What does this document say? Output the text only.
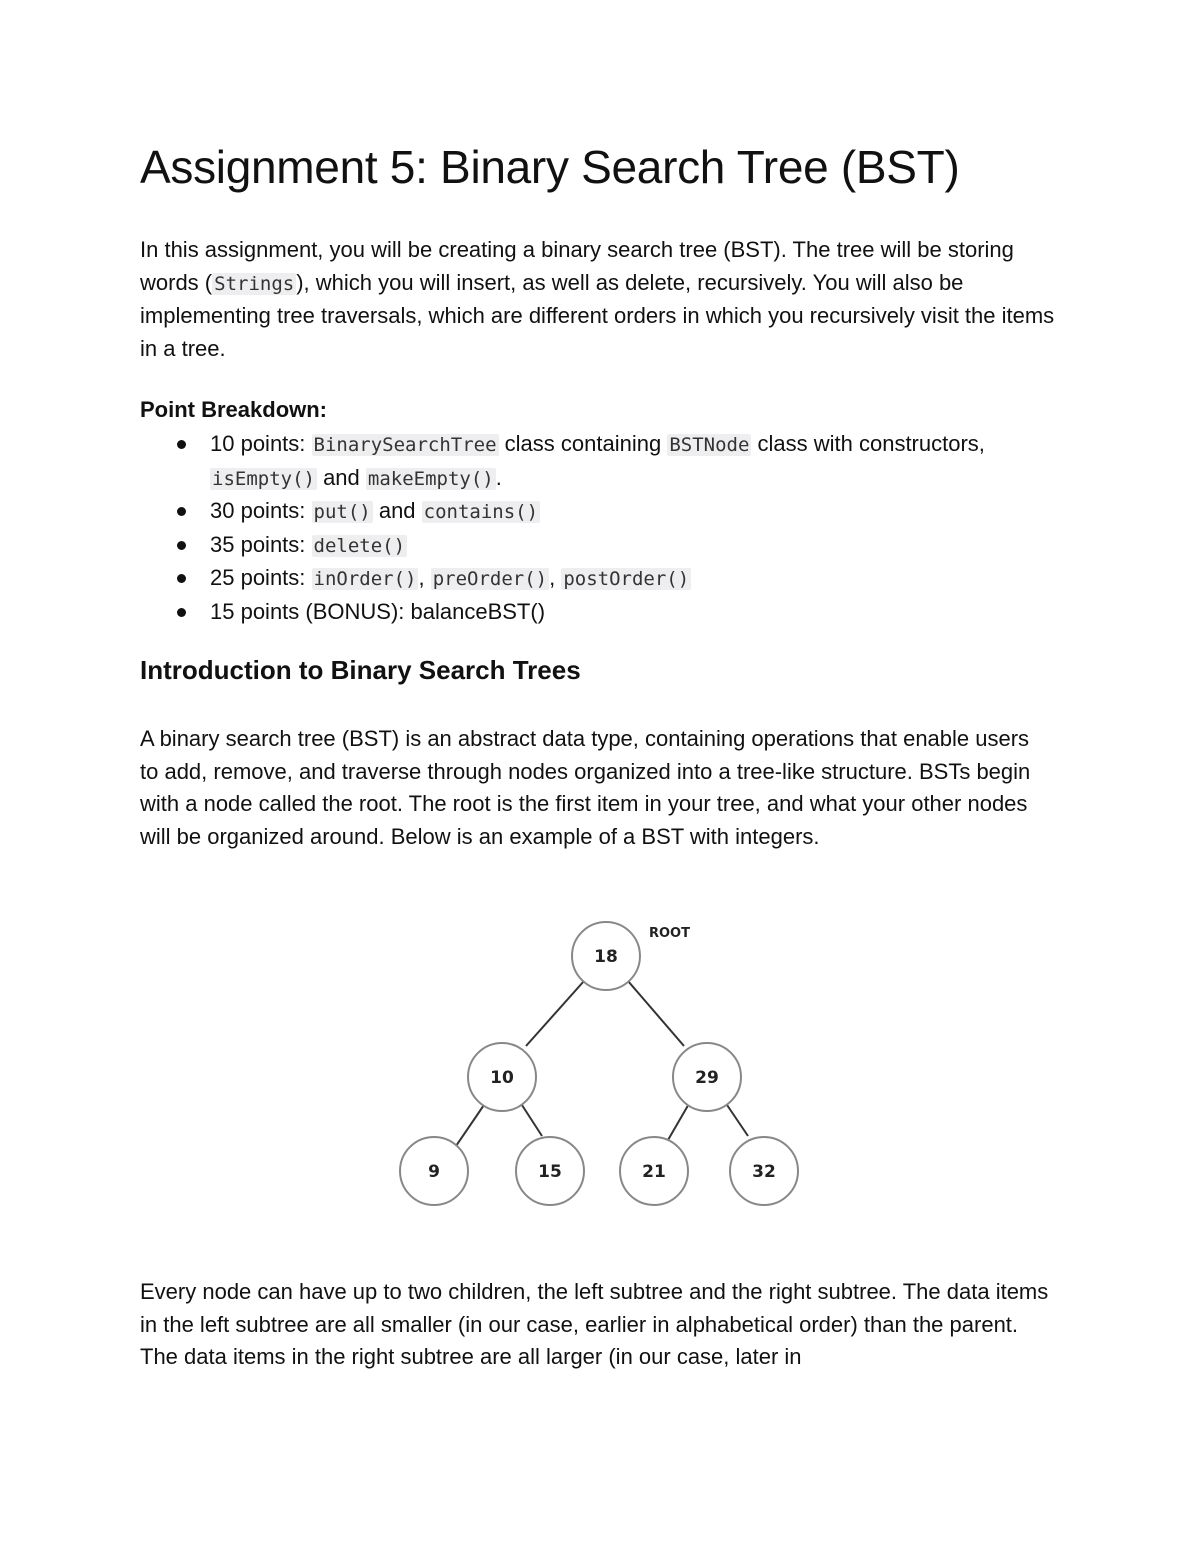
Assignment 5: Binary Search Tree (BST)

In this assignment, you will be creating a binary search tree (BST). The tree will be storing words ( Strings), which you will insert, as well as delete, recursively. You will also be implementing tree traversals, which are different orders in which you recursively visit the items in a tree.

Point Breakdown:

10 points: BinarySearchTree class containing BSTNode class with constructors, isEmpty() and makeEmpty().
30 points: put() and contains()
35 points: delete()
25 points: inOrder(), preOrder(), postOrder()
15 points (BONUS): balanceBST()
Introduction to Binary Search Trees

A binary search tree (BST) is an abstract data type, containing operations that enable users to add, remove, and traverse through nodes organized into a tree-like structure. BSTs begin with a node called the root. The root is the first item in your tree, and what your other nodes will be organized around. Below is an example of a BST with integers.

18
ROOT
10	29
9	15	21	32

Every node can have up to two children, the left subtree and the right subtree. The data items in the left subtree are all smaller (in our case, earlier in alphabetical order) than the parent. The data items in the right subtree are all larger (in our case, later in
